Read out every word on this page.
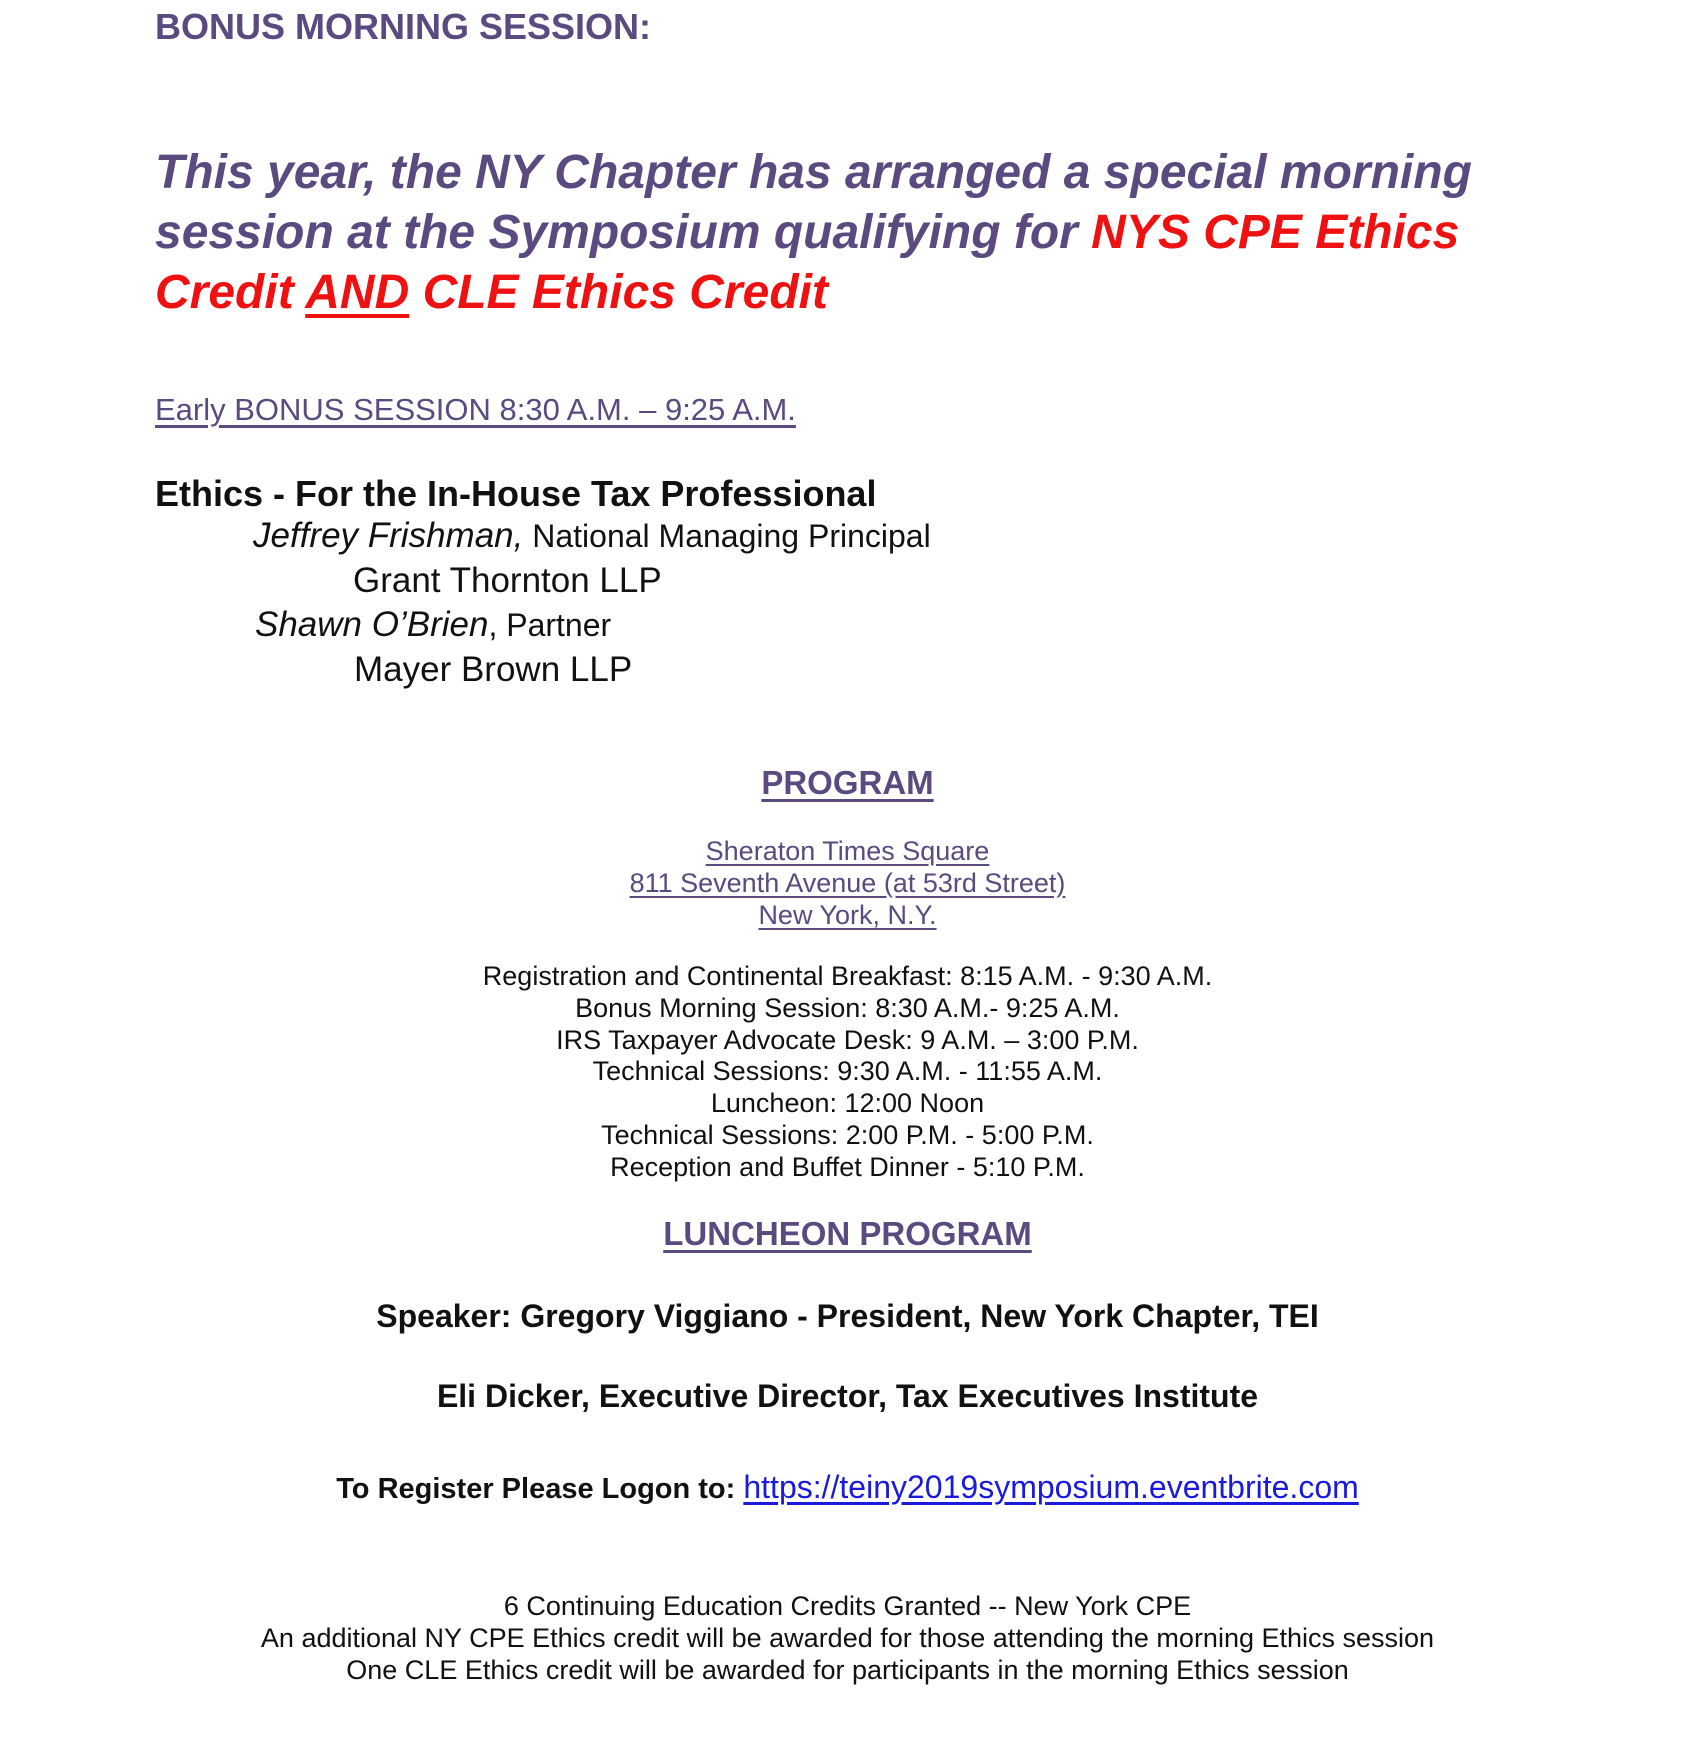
BONUS MORNING SESSION:
This year, the NY Chapter has arranged a special morning session at the Symposium qualifying for NYS CPE Ethics Credit AND CLE Ethics Credit
Early BONUS SESSION 8:30 A.M. – 9:25 A.M.
Ethics - For the In-House Tax Professional
Jeffrey Frishman, National Managing Principal
Grant Thornton LLP
Shawn O’Brien, Partner
Mayer Brown LLP
PROGRAM
Sheraton Times Square
811 Seventh Avenue (at 53rd Street)
New York, N.Y.
Registration and Continental Breakfast: 8:15 A.M. - 9:30 A.M.
Bonus Morning Session: 8:30 A.M.- 9:25 A.M.
IRS Taxpayer Advocate Desk: 9 A.M. – 3:00 P.M.
Technical Sessions: 9:30 A.M. - 11:55 A.M.
Luncheon: 12:00 Noon
Technical Sessions: 2:00 P.M. - 5:00 P.M.
Reception and Buffet Dinner - 5:10 P.M.
LUNCHEON PROGRAM
Speaker: Gregory Viggiano - President, New York Chapter, TEI
Eli Dicker, Executive Director, Tax Executives Institute
To Register Please Logon to: https://teiny2019symposium.eventbrite.com
6 Continuing Education Credits Granted -- New York CPE
An additional NY CPE Ethics credit will be awarded for those attending the morning Ethics session
One CLE Ethics credit will be awarded for participants in the morning Ethics session
